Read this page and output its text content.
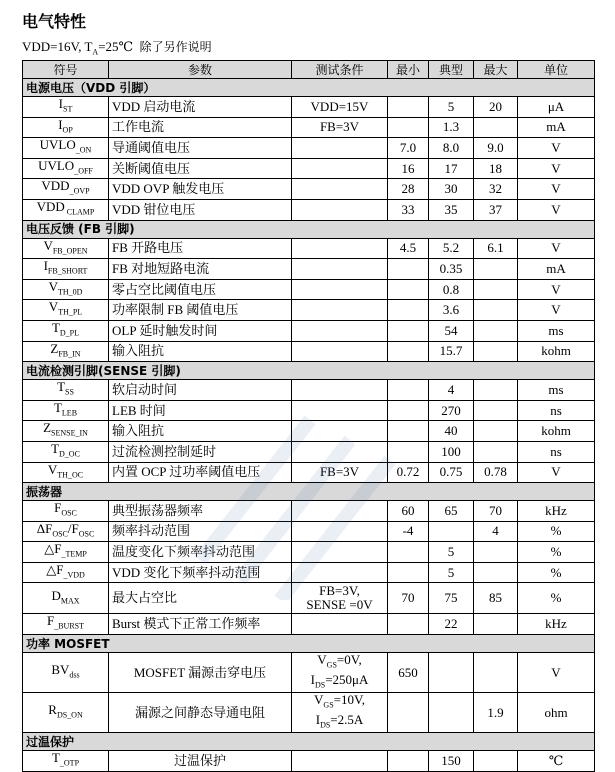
电气特性
VDD=16V, $T_A=25℃$ 除了另作说明
符号	参数	测试条件	最小	典型	最大	单位
电源电压（VDD 引脚）						
$I_{ST}$	VDD 启动电流	VDD=15V		5	20	μA
$I_{OP}$	工作电流	FB=3V		1.3		mA
$UVLO_{\_ON}$	导通阈值电压		7.0	8.0	9.0	V
$UVLO_{\_OFF}$	关断阈值电压		16	17	18	V
$VDD_{\_OVP}$	VDD OVP 触发电压		28	30	32	V
VDD $_{CLAMP}$	VDD 钳位电压		33	35	37	V
电压反馈 (FB 引脚)						
$V_{FB\_OPEN}$	FB 开路电压		4.5	5.2	6.1	V
$I_{FB\_SHORT}$	FB 对地短路电流			0.35		mA
$V_{TH\_0D}$	零占空比阈值电压			0.8		V
$V_{TH\_PL}$	功率限制 FB 阈值电压			3.6		V
$T_{D\_PL}$	OLP 延时触发时间			54		ms
$Z_{FB\_IN}$	输入阻抗			15.7		kohm
电流检测引脚(SENSE 引脚)						
$T_{SS}$	软启动时间			4		ms
$T_{LEB}$	LEB 时间			270		ns
$Z_{SENSE\_IN}$	输入阻抗			40		kohm
$T_{D\_OC}$	过流检测控制延时			100		ns
$V_{TH\_OC}$	内置 OCP 过功率阈值电压	FB=3V	0.72	0.75	0.78	V
振荡器						
$F_{OSC}$	典型振荡器频率		60	65	70	kHz
$\Delta F_{OSC}/F_{OSC}$	频率抖动范围		-4		4	%
$\triangle F_{\_TEMP}$	温度变化下频率抖动范围			5		%
$\triangle F_{\_VDD}$	VDD 变化下频率抖动范围			5		%
$D_{MAX}$	最大占空比	FB=3V,
SENSE =0V	70	75	85	%
$F_{\_BURST}$	Burst 模式下正常工作频率			22		kHz
功率 MOSFET						
$BV_{dss}$	MOSFET 漏源击穿电压	$V_{GS}=0V$,
$I_{DS}=250\mu A$	650			V
$R_{DS\_ON}$	漏源之间静态导通电阻	$V_{GS}=10V$,
$I_{DS}=2.5A$			1.9	ohm
过温保护						
$T_{\_OTP}$	过温保护			150		℃
